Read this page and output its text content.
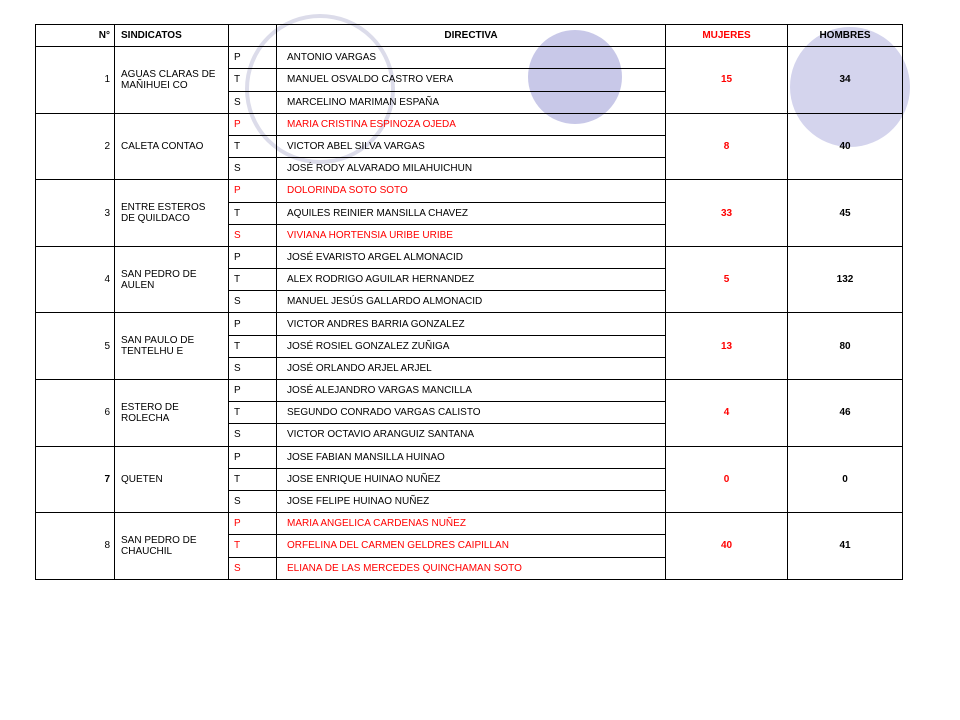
N°	SINDICATOS		DIRECTIVA	MUJERES	HOMBRES
1	AGUAS CLARAS DE MAÑIHUEI CO	P	ANTONIO VARGAS	15	34
		T	MANUEL OSVALDO CASTRO VERA		
		S	MARCELINO MARIMAN ESPAÑA		
2	CALETA CONTAO	P	MARIA CRISTINA ESPINOZA OJEDA	8	40
		T	VICTOR ABEL SILVA VARGAS		
		S	JOSÉ RODY ALVARADO MILAHUICHUN		
3	ENTRE ESTEROS DE QUILDACO	P	DOLORINDA SOTO SOTO	33	45
		T	AQUILES REINIER MANSILLA CHAVEZ		
		S	VIVIANA HORTENSIA URIBE URIBE		
4	SAN PEDRO DE AULEN	P	JOSÉ EVARISTO ARGEL ALMONACID	5	132
		T	ALEX RODRIGO AGUILAR HERNANDEZ		
		S	MANUEL JESÚS GALLARDO ALMONACID		
5	SAN PAULO DE TENTELHU E	P	VICTOR ANDRES BARRIA GONZALEZ	13	80
		T	JOSÉ ROSIEL GONZALEZ ZUÑIGA		
		S	JOSÉ ORLANDO ARJEL ARJEL		
6	ESTERO DE ROLECHA	P	JOSÉ ALEJANDRO VARGAS MANCILLA	4	46
		T	SEGUNDO CONRADO VARGAS CALISTO		
		S	VICTOR OCTAVIO ARANGUIZ SANTANA		
7	QUETEN	P	JOSE FABIAN MANSILLA HUINAO	0	0
		T	JOSE ENRIQUE HUINAO NUÑEZ		
		S	JOSE FELIPE HUINAO NUÑEZ		
8	SAN PEDRO DE CHAUCHIL	P	MARIA ANGELICA CARDENAS NUÑEZ	40	41
		T	ORFELINA DEL CARMEN GELDRES CAIPILLAN		
		S	ELIANA DE LAS MERCEDES QUINCHAMAN SOTO		
